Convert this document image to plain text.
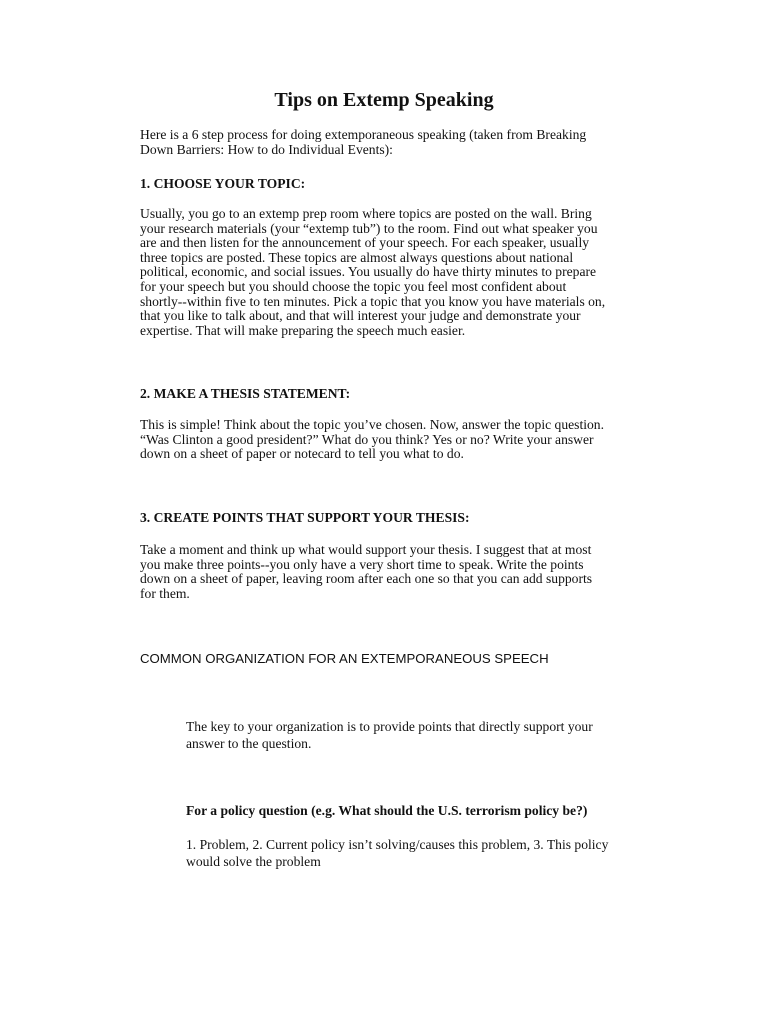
Tips on Extemp Speaking

Here is a 6 step process for doing extemporaneous speaking (taken from Breaking
Down Barriers: How to do Individual Events):

1. CHOOSE YOUR TOPIC:

Usually, you go to an extemp prep room where topics are posted on the wall. Bring
your research materials (your “extemp tub”) to the room. Find out what speaker you
are and then listen for the announcement of your speech. For each speaker, usually
three topics are posted. These topics are almost always questions about national
political, economic, and social issues. You usually do have thirty minutes to prepare
for your speech but you should choose the topic you feel most confident about
shortly--within five to ten minutes. Pick a topic that you know you have materials on,
that you like to talk about, and that will interest your judge and demonstrate your
expertise. That will make preparing the speech much easier.

2. MAKE A THESIS STATEMENT:

This is simple! Think about the topic you’ve chosen. Now, answer the topic question.
“Was Clinton a good president?” What do you think? Yes or no? Write your answer
down on a sheet of paper or notecard to tell you what to do.

3. CREATE POINTS THAT SUPPORT YOUR THESIS:

Take a moment and think up what would support your thesis. I suggest that at most
you make three points--you only have a very short time to speak. Write the points
down on a sheet of paper, leaving room after each one so that you can add supports
for them.

COMMON ORGANIZATION FOR AN EXTEMPORANEOUS SPEECH

The key to your organization is to provide points that directly support your
answer to the question.

For a policy question (e.g. What should the U.S. terrorism policy be?)

1. Problem, 2. Current policy isn’t solving/causes this problem, 3. This policy
would solve the problem
